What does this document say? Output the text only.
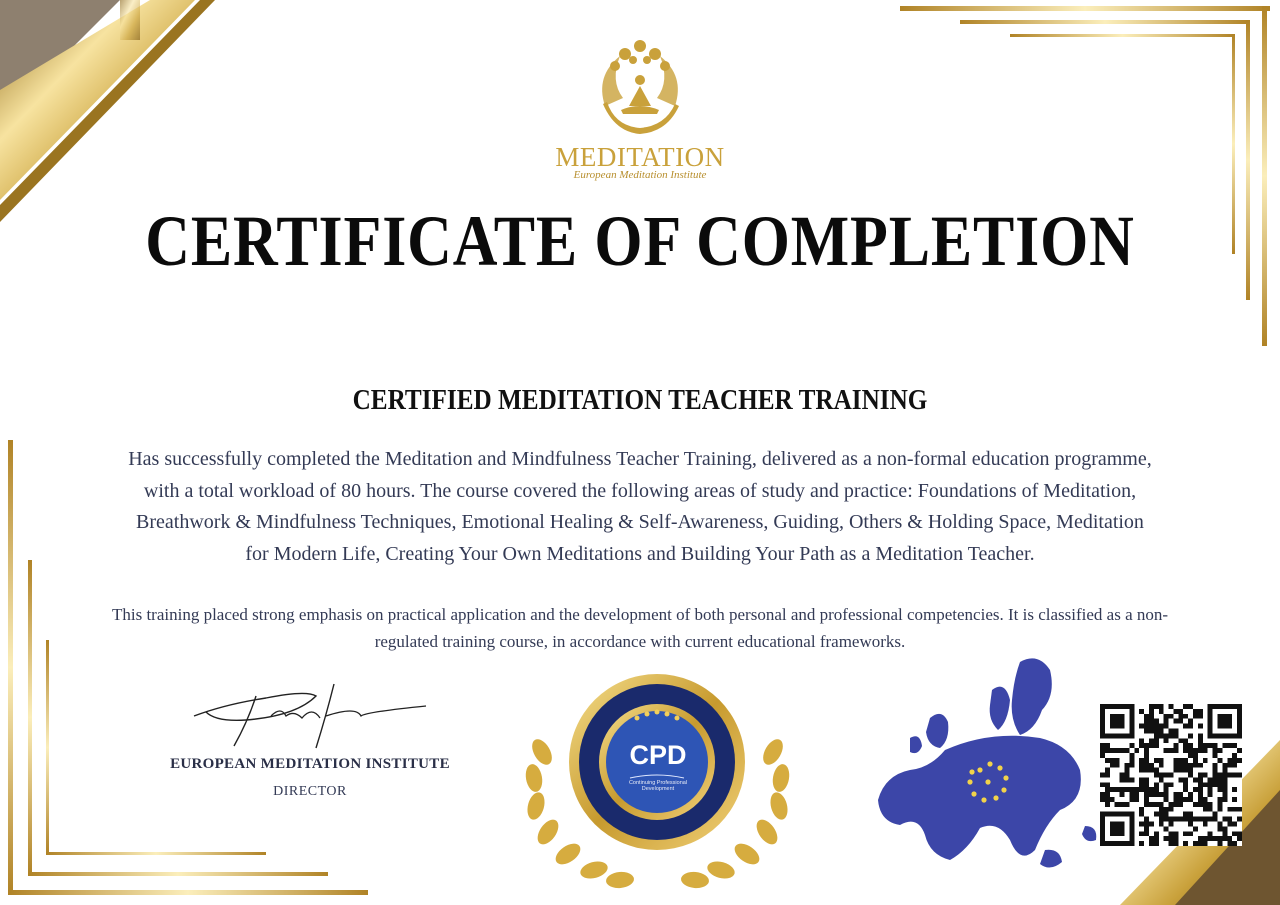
MEDITATION
European Meditation Institute
CERTIFICATE OF COMPLETION
CERTIFIED MEDITATION TEACHER TRAINING
Has successfully completed the Meditation and Mindfulness Teacher Training, delivered as a non-formal education programme, with a total workload of 80 hours. The course covered the following areas of study and practice: Foundations of Meditation, Breathwork & Mindfulness Techniques, Emotional Healing & Self-Awareness, Guiding, Others & Holding Space, Meditation for Modern Life, Creating Your Own Meditations and Building Your Path as a Meditation Teacher.
This training placed strong emphasis on practical application and the development of both personal and professional competencies. It is classified as a non-regulated training course, in accordance with current educational frameworks.
EUROPEAN MEDITATION INSTITUTE
DIRECTOR
CPD
Continuing Professional Development
